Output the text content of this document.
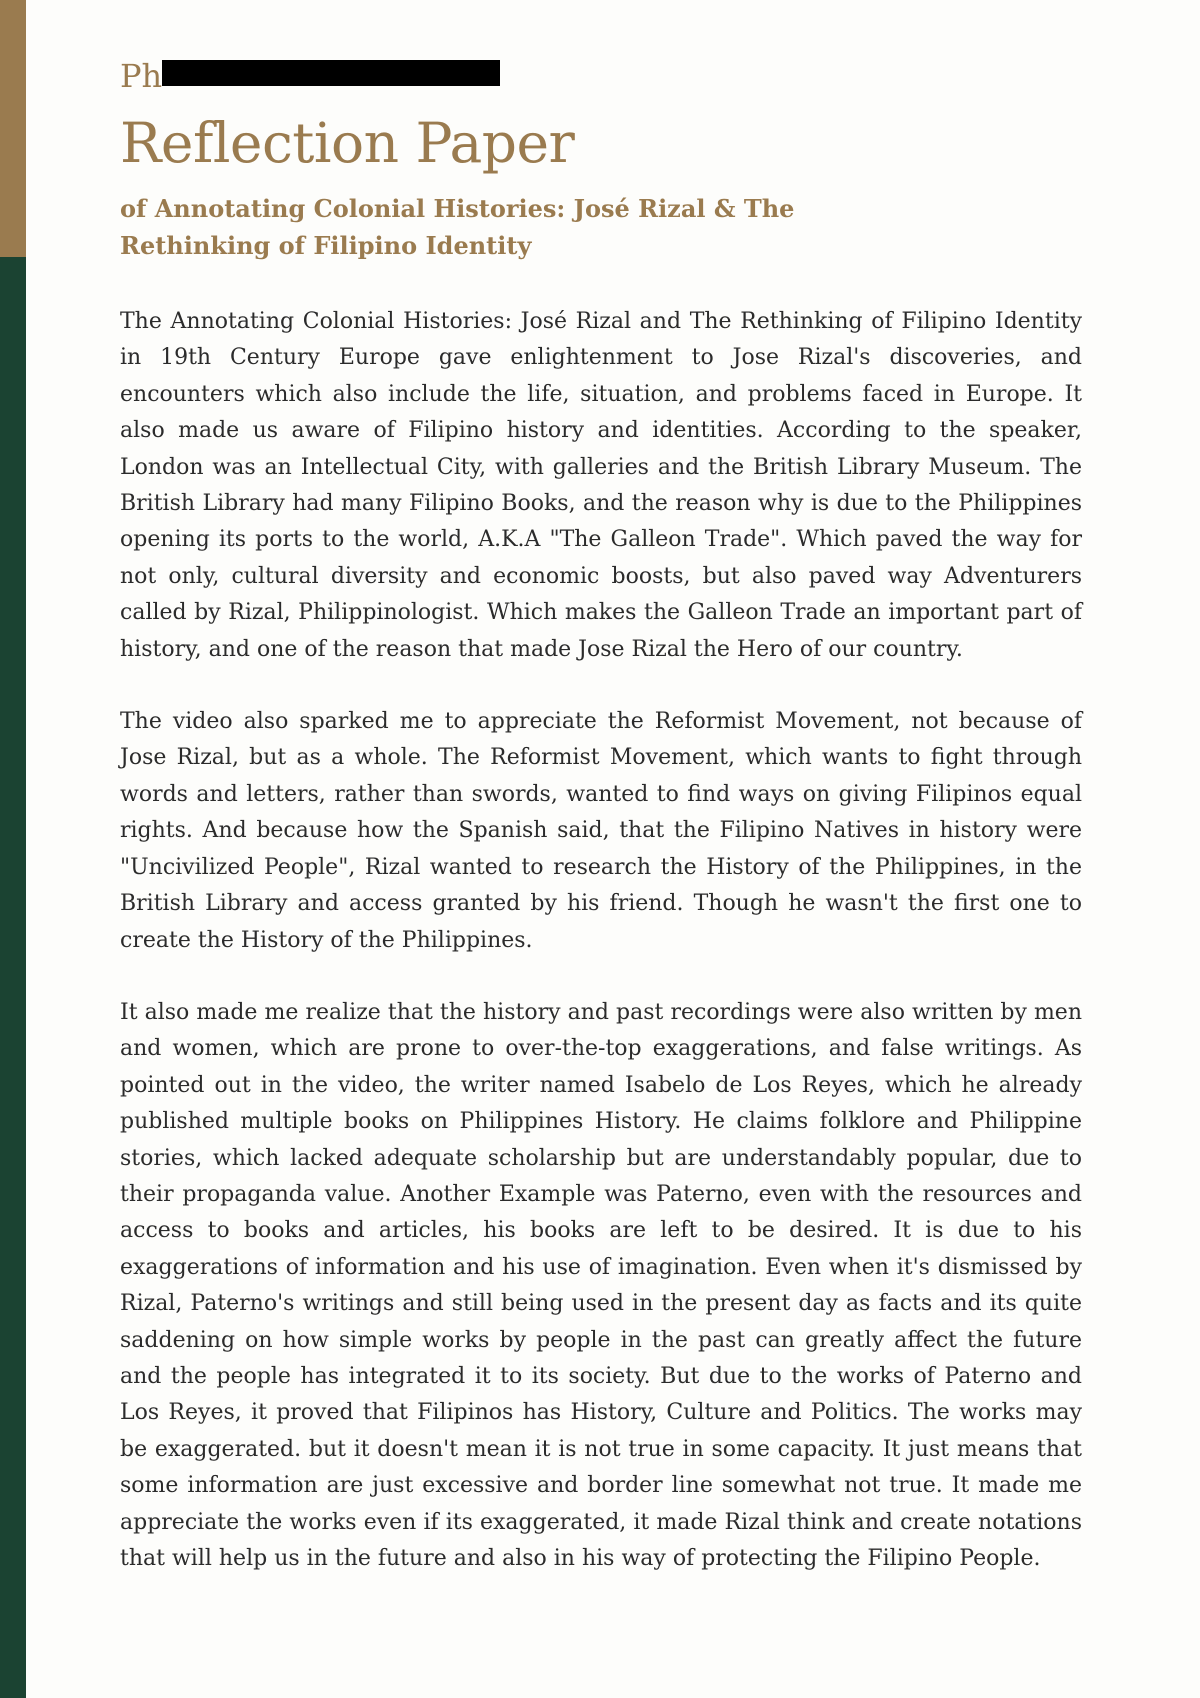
Ph
Reflection Paper
of Annotating Colonial Histories: José Rizal & The Rethinking of Filipino Identity

The Annotating Colonial Histories: José Rizal and The Rethinking of Filipino Identity in 19th Century Europe gave enlightenment to Jose Rizal's discoveries, and encounters which also include the life, situation, and problems faced in Europe. It also made us aware of Filipino history and identities. According to the speaker, London was an Intellectual City, with galleries and the British Library Museum. The British Library had many Filipino Books, and the reason why is due to the Philippines opening its ports to the world, A.K.A "The Galleon Trade". Which paved the way for not only, cultural diversity and economic boosts, but also paved way Adventurers called by Rizal, Philippinologist. Which makes the Galleon Trade an important part of history, and one of the reason that made Jose Rizal the Hero of our country.

The video also sparked me to appreciate the Reformist Movement, not because of Jose Rizal, but as a whole. The Reformist Movement, which wants to fight through words and letters, rather than swords, wanted to find ways on giving Filipinos equal rights. And because how the Spanish said, that the Filipino Natives in history were "Uncivilized People", Rizal wanted to research the History of the Philippines, in the British Library and access granted by his friend. Though he wasn't the first one to create the History of the Philippines.

It also made me realize that the history and past recordings were also written by men and women, which are prone to over-the-top exaggerations, and false writings. As pointed out in the video, the writer named Isabelo de Los Reyes, which he already published multiple books on Philippines History. He claims folklore and Philippine stories, which lacked adequate scholarship but are understandably popular, due to their propaganda value. Another Example was Paterno, even with the resources and access to books and articles, his books are left to be desired. It is due to his exaggerations of information and his use of imagination. Even when it's dismissed by Rizal, Paterno's writings and still being used in the present day as facts and its quite saddening on how simple works by people in the past can greatly affect the future and the people has integrated it to its society. But due to the works of Paterno and Los Reyes, it proved that Filipinos has History, Culture and Politics. The works may be exaggerated. but it doesn't mean it is not true in some capacity. It just means that some information are just excessive and border line somewhat not true. It made me appreciate the works even if its exaggerated, it made Rizal think and create notations that will help us in the future and also in his way of protecting the Filipino People.
